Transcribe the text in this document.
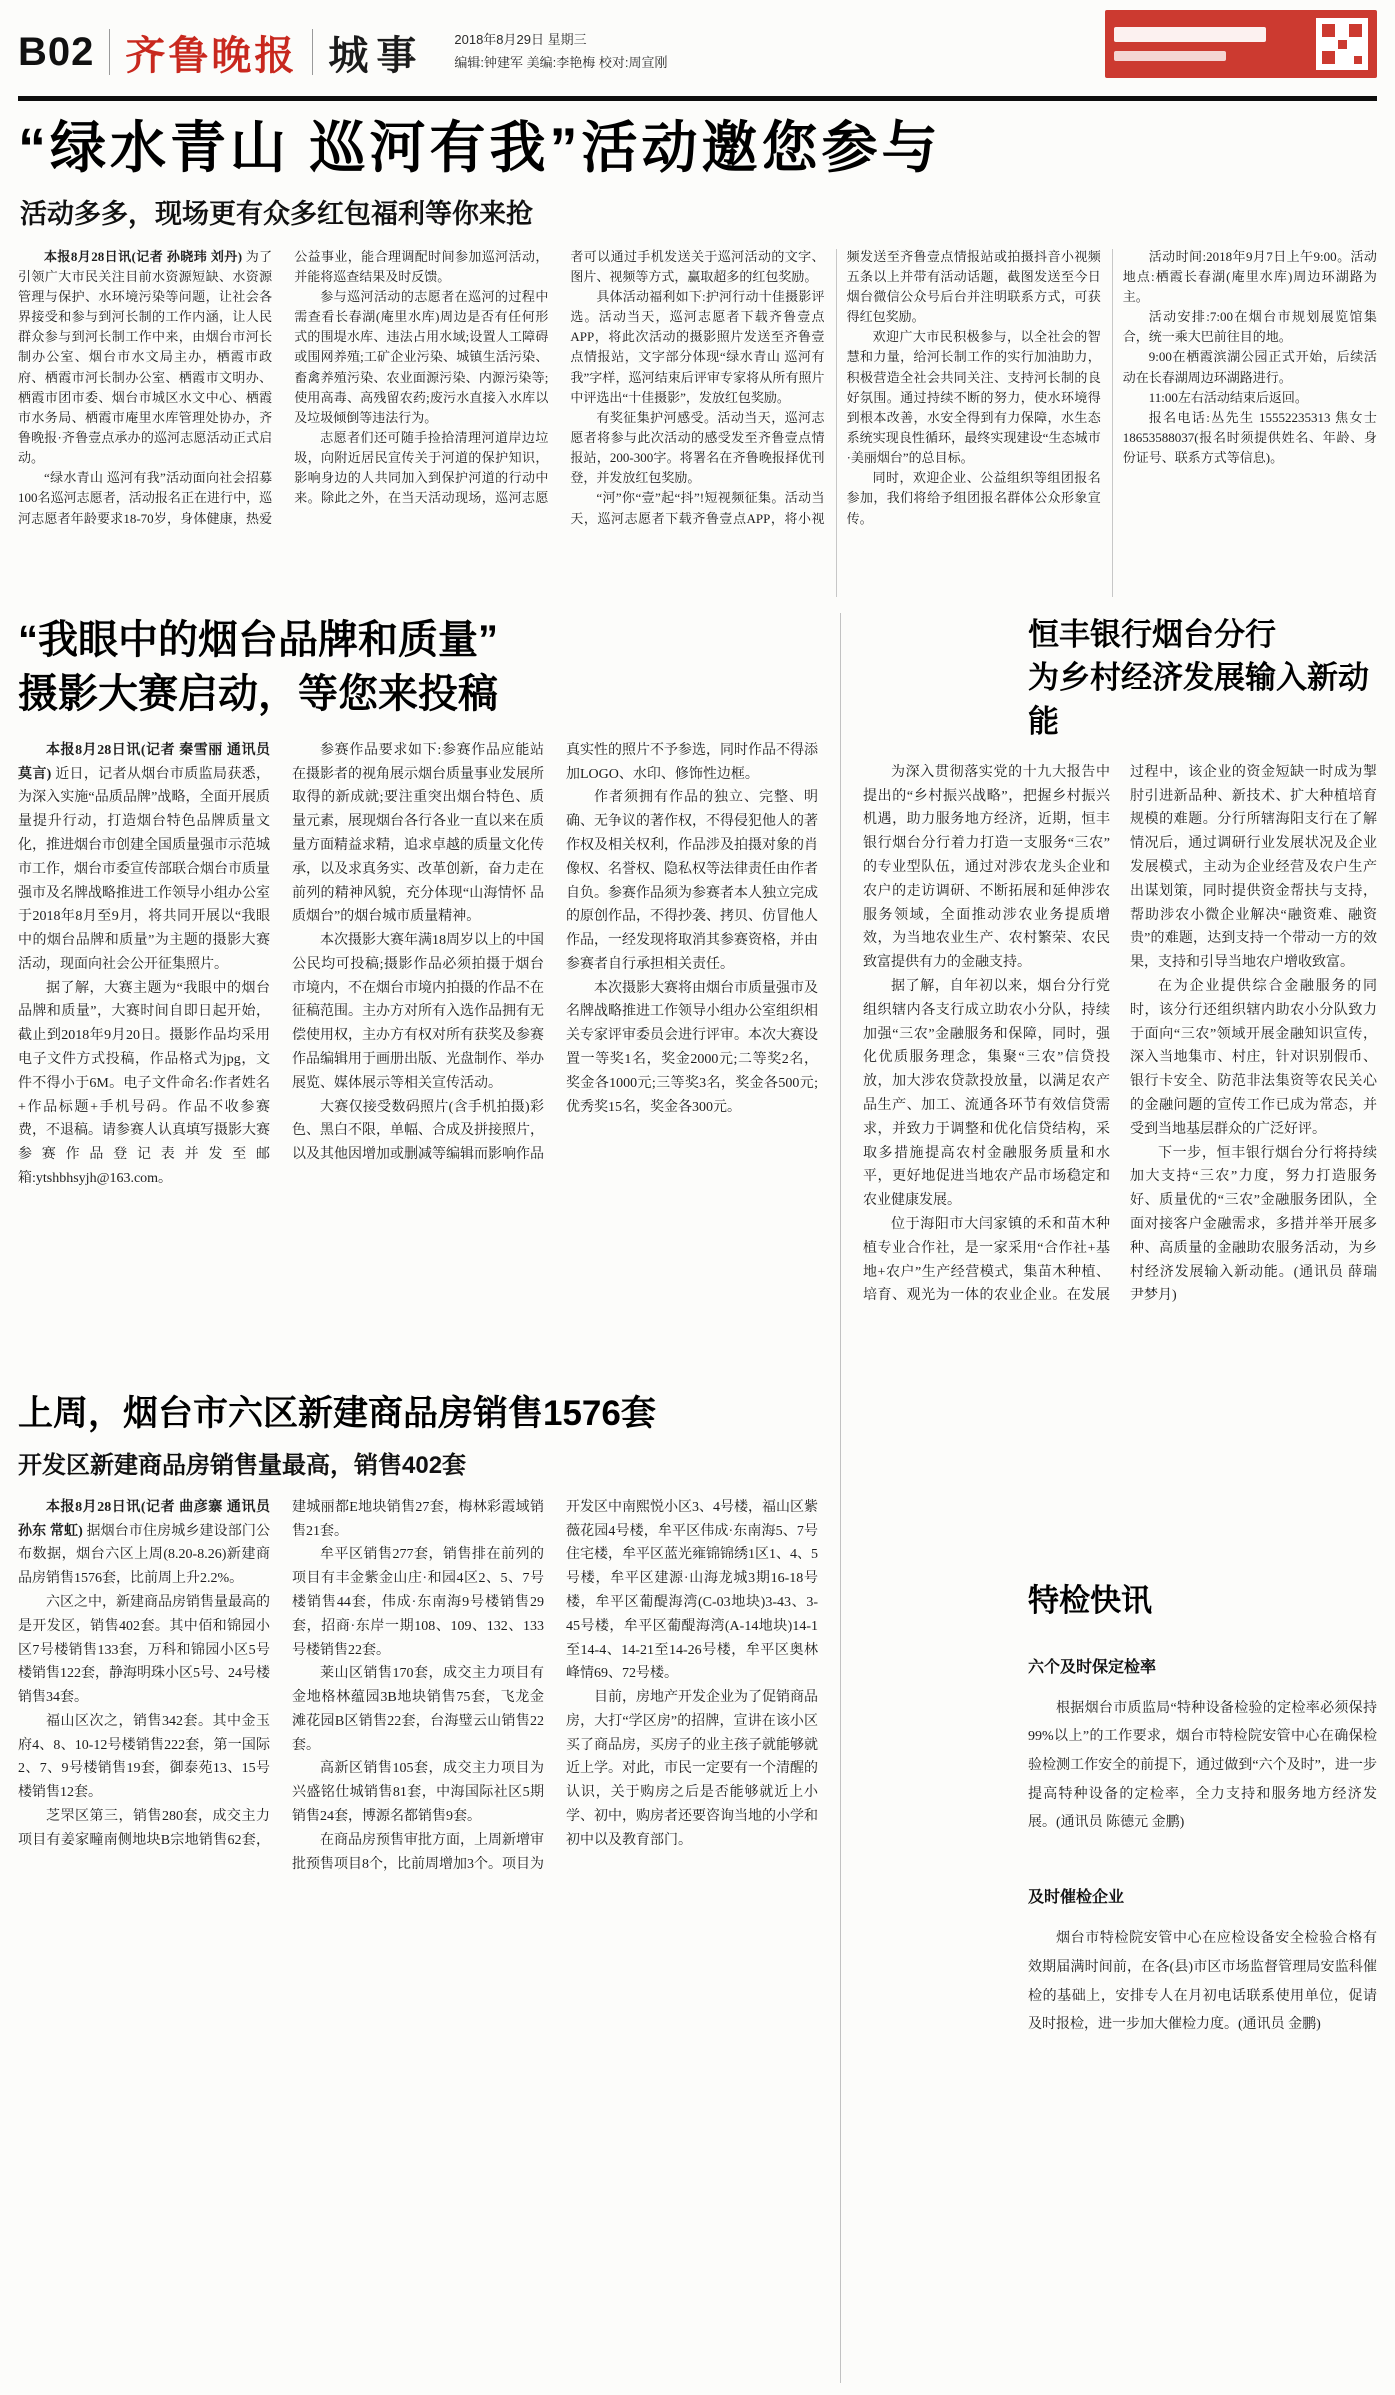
B02 齐鲁晚报 城事 2018年8月29日 星期三
编辑:钟建军 美编:李艳梅 校对:周宣刚
“绿水青山 巡河有我”活动邀您参与
活动多多，现场更有众多红包福利等你来抢

本报8月28日讯(记者 孙晓玮 刘丹) 为了引领广大市民关注目前水资源短缺、水资源管理与保护、水环境污染等问题，让社会各界接受和参与到河长制的工作内涵，让人民群众参与到河长制工作中来，由烟台市河长制办公室、烟台市水文局主办，栖霞市政府、栖霞市河长制办公室、栖霞市文明办、栖霞市团市委、烟台市城区水文中心、栖霞市水务局、栖霞市庵里水库管理处协办，齐鲁晚报·齐鲁壹点承办的巡河志愿活动正式启动。

“绿水青山 巡河有我”活动面向社会招募100名巡河志愿者，活动报名正在进行中，巡河志愿者年龄要求18-70岁，身体健康，热爱公益事业，能合理调配时间参加巡河活动，并能将巡查结果及时反馈。

参与巡河活动的志愿者在巡河的过程中需查看长春湖(庵里水库)周边是否有任何形式的围堤水库、违法占用水域;设置人工障碍或围网养殖;工矿企业污染、城镇生活污染、畜禽养殖污染、农业面源污染、内源污染等;使用高毒、高残留农药;废污水直接入水库以及垃圾倾倒等违法行为。

志愿者们还可随手捡拾清理河道岸边垃圾，向附近居民宣传关于河道的保护知识，影响身边的人共同加入到保护河道的行动中来。除此之外，在当天活动现场，巡河志愿者可以通过手机发送关于巡河活动的文字、图片、视频等方式，赢取超多的红包奖励。

具体活动福利如下:护河行动十佳摄影评选。活动当天，巡河志愿者下载齐鲁壹点APP，将此次活动的摄影照片发送至齐鲁壹点情报站，文字部分体现“绿水青山 巡河有我”字样，巡河结束后评审专家将从所有照片中评选出“十佳摄影”，发放红包奖励。

有奖征集护河感受。活动当天，巡河志愿者将参与此次活动的感受发至齐鲁壹点情报站，200-300字。将署名在齐鲁晚报择优刊登，并发放红包奖励。

“河”你“壹”起“抖”!短视频征集。活动当天，巡河志愿者下载齐鲁壹点APP，将小视频发送至齐鲁壹点情报站或拍摄抖音小视频五条以上并带有活动话题，截图发送至今日烟台微信公众号后台并注明联系方式，可获得红包奖励。

欢迎广大市民积极参与，以全社会的智慧和力量，给河长制工作的实行加油助力，积极营造全社会共同关注、支持河长制的良好氛围。通过持续不断的努力，使水环境得到根本改善，水安全得到有力保障，水生态系统实现良性循环，最终实现建设“生态城市·美丽烟台”的总目标。

同时，欢迎企业、公益组织等组团报名参加，我们将给予组团报名群体公众形象宣传。

活动时间:2018年9月7日上午9:00。活动地点:栖霞长春湖(庵里水库)周边环湖路为主。

活动安排:7:00在烟台市规划展览馆集合，统一乘大巴前往目的地。

9:00在栖霞滨湖公园正式开始，后续活动在长春湖周边环湖路进行。

11:00左右活动结束后返回。

报名电话:丛先生 15552235313 焦女士 18653588037(报名时须提供姓名、年龄、身份证号、联系方式等信息)。

“我眼中的烟台品牌和质量”
摄影大赛启动，等您来投稿

本报8月28日讯(记者 秦雪丽 通讯员 莫言) 近日，记者从烟台市质监局获悉，为深入实施“品质品牌”战略，全面开展质量提升行动，打造烟台特色品牌质量文化，推进烟台市创建全国质量强市示范城市工作，烟台市委宣传部联合烟台市质量强市及名牌战略推进工作领导小组办公室于2018年8月至9月，将共同开展以“我眼中的烟台品牌和质量”为主题的摄影大赛活动，现面向社会公开征集照片。

据了解，大赛主题为“我眼中的烟台品牌和质量”，大赛时间自即日起开始，截止到2018年9月20日。摄影作品均采用电子文件方式投稿，作品格式为jpg，文件不得小于6M。电子文件命名:作者姓名+作品标题+手机号码。作品不收参赛费，不退稿。请参赛人认真填写摄影大赛参赛作品登记表并发至邮箱:ytshbhsyjh@163.com。

参赛作品要求如下:参赛作品应能站在摄影者的视角展示烟台质量事业发展所取得的新成就;要注重突出烟台特色、质量元素，展现烟台各行各业一直以来在质量方面精益求精，追求卓越的质量文化传承，以及求真务实、改革创新，奋力走在前列的精神风貌，充分体现“山海情怀 品质烟台”的烟台城市质量精神。

本次摄影大赛年满18周岁以上的中国公民均可投稿;摄影作品必须拍摄于烟台市境内，不在烟台市境内拍摄的作品不在征稿范围。主办方对所有入选作品拥有无偿使用权，主办方有权对所有获奖及参赛作品编辑用于画册出版、光盘制作、举办展览、媒体展示等相关宣传活动。

大赛仅接受数码照片(含手机拍摄)彩色、黑白不限，单幅、合成及拼接照片，以及其他因增加或删减等编辑而影响作品真实性的照片不予参选，同时作品不得添加LOGO、水印、修饰性边框。

作者须拥有作品的独立、完整、明确、无争议的著作权，不得侵犯他人的著作权及相关权利，作品涉及拍摄对象的肖像权、名誉权、隐私权等法律责任由作者自负。参赛作品须为参赛者本人独立完成的原创作品，不得抄袭、拷贝、仿冒他人作品，一经发现将取消其参赛资格，并由参赛者自行承担相关责任。

本次摄影大赛将由烟台市质量强市及名牌战略推进工作领导小组办公室组织相关专家评审委员会进行评审。本次大赛设置一等奖1名，奖金2000元;二等奖2名，奖金各1000元;三等奖3名，奖金各500元;优秀奖15名，奖金各300元。

上周，烟台市六区新建商品房销售1576套
开发区新建商品房销售量最高，销售402套

本报8月28日讯(记者 曲彦寨 通讯员 孙东 常虹) 据烟台市住房城乡建设部门公布数据，烟台六区上周(8.20-8.26)新建商品房销售1576套，比前周上升2.2%。

六区之中，新建商品房销售量最高的是开发区，销售402套。其中佰和锦园小区7号楼销售133套，万科和锦园小区5号楼销售122套，静海明珠小区5号、24号楼销售34套。

福山区次之，销售342套。其中金玉府4、8、10-12号楼销售222套，第一国际2、7、9号楼销售19套，御泰苑13、15号楼销售12套。

芝罘区第三，销售280套，成交主力项目有姜家疃南侧地块B宗地销售62套，建城丽都E地块销售27套，梅林彩霞域销售21套。

牟平区销售277套，销售排在前列的项目有丰金紫金山庄·和园4区2、5、7号楼销售44套，伟成·东南海9号楼销售29套，招商·东岸一期108、109、132、133号楼销售22套。

莱山区销售170套，成交主力项目有金地格林蕴园3B地块销售75套，飞龙金滩花园B区销售22套，台海璧云山销售22套。

高新区销售105套，成交主力项目为兴盛铭仕城销售81套，中海国际社区5期销售24套，博源名都销售9套。

在商品房预售审批方面，上周新增审批预售项目8个，比前周增加3个。项目为开发区中南熙悦小区3、4号楼，福山区紫薇花园4号楼，牟平区伟成·东南海5、7号住宅楼，牟平区蓝光雍锦锦绣1区1、4、5号楼，牟平区建源·山海龙城3期16-18号楼，牟平区葡醍海湾(C-03地块)3-43、3-45号楼，牟平区葡醍海湾(A-14地块)14-1至14-4、14-21至14-26号楼，牟平区奥林峰情69、72号楼。

目前，房地产开发企业为了促销商品房，大打“学区房”的招牌，宣讲在该小区买了商品房，买房子的业主孩子就能够就近上学。对此，市民一定要有一个清醒的认识，关于购房之后是否能够就近上小学、初中，购房者还要咨询当地的小学和初中以及教育部门。

恒丰银行烟台分行
为乡村经济发展输入新动能

为深入贯彻落实党的十九大报告中提出的“乡村振兴战略”，把握乡村振兴机遇，助力服务地方经济，近期，恒丰银行烟台分行着力打造一支服务“三农”的专业型队伍，通过对涉农龙头企业和农户的走访调研、不断拓展和延伸涉农服务领域，全面推动涉农业务提质增效，为当地农业生产、农村繁荣、农民致富提供有力的金融支持。

据了解，自年初以来，烟台分行党组织辖内各支行成立助农小分队，持续加强“三农”金融服务和保障，同时，强化优质服务理念，集聚“三农”信贷投放，加大涉农贷款投放量，以满足农产品生产、加工、流通各环节有效信贷需求，并致力于调整和优化信贷结构，采取多措施提高农村金融服务质量和水平，更好地促进当地农产品市场稳定和农业健康发展。

位于海阳市大闫家镇的禾和苗木种植专业合作社，是一家采用“合作社+基地+农户”生产经营模式，集苗木种植、培育、观光为一体的农业企业。在发展过程中，该企业的资金短缺一时成为掣肘引进新品种、新技术、扩大种植培育规模的难题。分行所辖海阳支行在了解情况后，通过调研行业发展状况及企业发展模式，主动为企业经营及农户生产出谋划策，同时提供资金帮扶与支持，帮助涉农小微企业解决“融资难、融资贵”的难题，达到支持一个带动一方的效果，支持和引导当地农户增收致富。

在为企业提供综合金融服务的同时，该分行还组织辖内助农小分队致力于面向“三农”领域开展金融知识宣传，深入当地集市、村庄，针对识别假币、银行卡安全、防范非法集资等农民关心的金融问题的宣传工作已成为常态，并受到当地基层群众的广泛好评。

下一步，恒丰银行烟台分行将持续加大支持“三农”力度，努力打造服务好、质量优的“三农”金融服务团队，全面对接客户金融需求，多措并举开展多种、高质量的金融助农服务活动，为乡村经济发展输入新动能。(通讯员 薛瑞 尹梦月)

特检快讯
六个及时保定检率

根据烟台市质监局“特种设备检验的定检率必须保持99%以上”的工作要求，烟台市特检院安管中心在确保检验检测工作安全的前提下，通过做到“六个及时”，进一步提高特种设备的定检率，全力支持和服务地方经济发展。(通讯员 陈德元 金鹏)

及时催检企业

烟台市特检院安管中心在应检设备安全检验合格有效期届满时间前，在各(县)市区市场监督管理局安监科催检的基础上，安排专人在月初电话联系使用单位，促请及时报检，进一步加大催检力度。(通讯员 金鹏)
